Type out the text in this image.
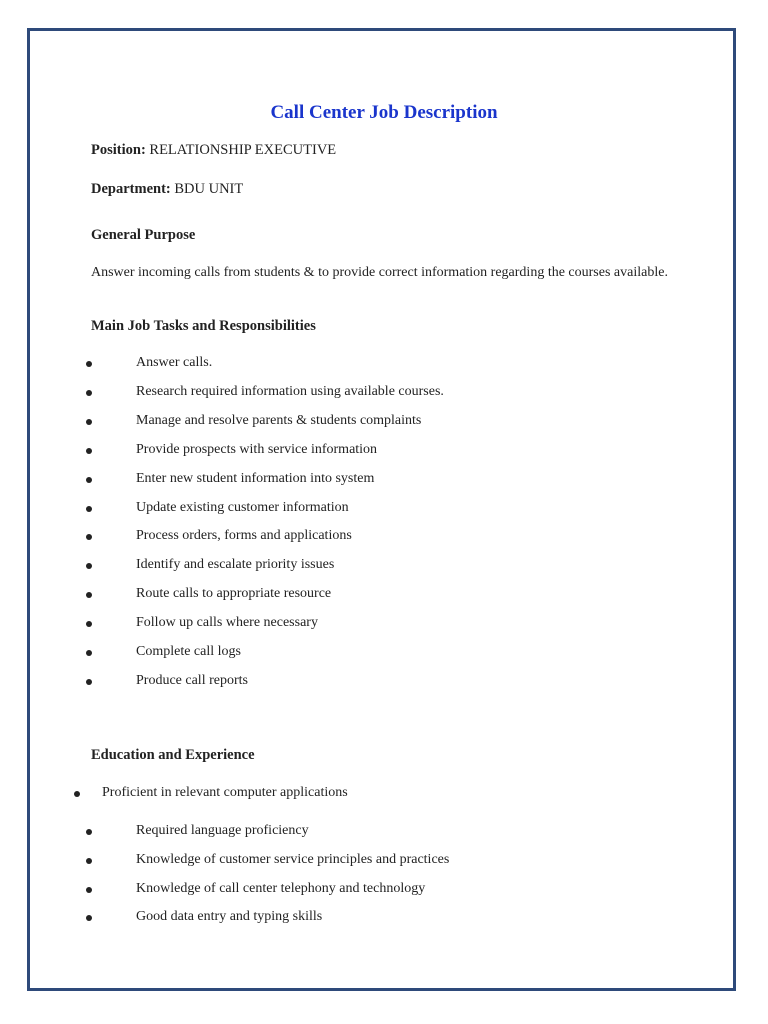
Call Center Job Description
Position: RELATIONSHIP EXECUTIVE
Department: BDU UNIT
General Purpose
Answer incoming calls from students & to provide correct information regarding the courses available.
Main Job Tasks and Responsibilities
Answer calls.
Research required information using available courses.
Manage and resolve parents & students complaints
Provide prospects with service information
Enter new student information into system
Update existing customer information
Process orders, forms and applications
Identify and escalate priority issues
Route calls to appropriate resource
Follow up calls where necessary
Complete call logs
Produce call reports
Education and Experience
Proficient in relevant computer applications
Required language proficiency
Knowledge of customer service principles and practices
Knowledge of call center telephony and technology
Good data entry and typing skills
